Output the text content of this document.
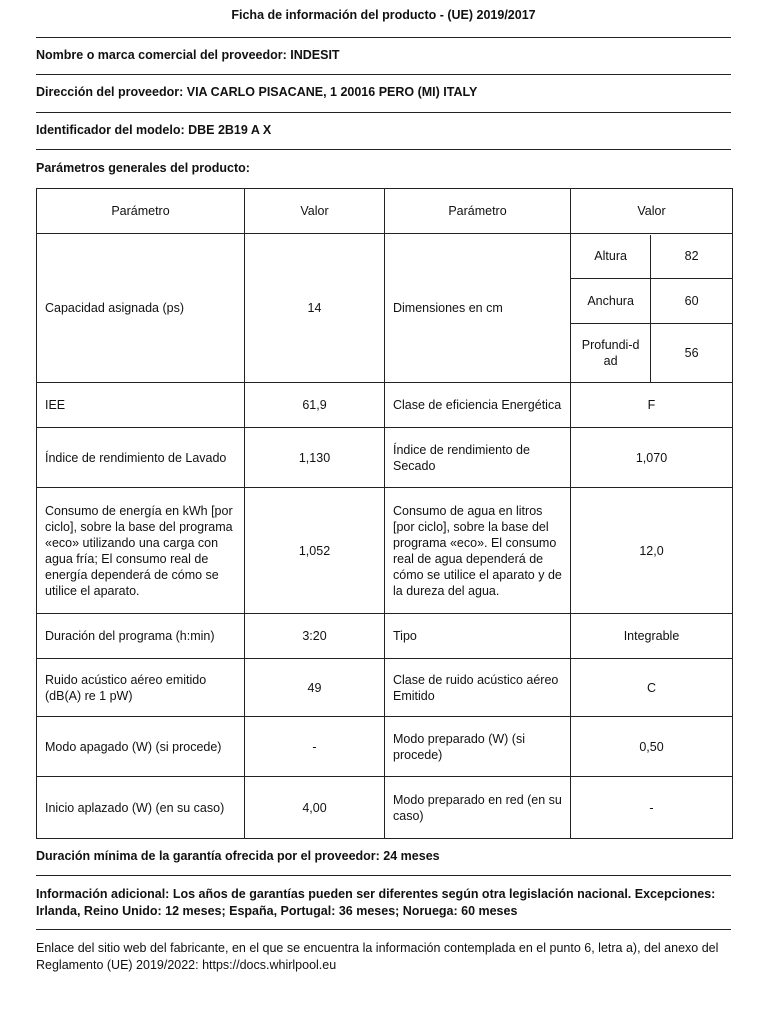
Ficha de información del producto - (UE) 2019/2017
Nombre o marca comercial del proveedor: INDESIT
Dirección del proveedor: VIA CARLO PISACANE, 1 20016 PERO (MI) ITALY
Identificador del modelo: DBE 2B19 A X
Parámetros generales del producto:
Parámetro	Valor	Parámetro	Valor
Capacidad asignada (ps)	14	Dimensiones en cm	
Altura	82
Anchura	60
Profundi-dad	56

IEE	61,9	Clase de eficiencia Energética	F
Índice de rendimiento de Lavado	1,130	Índice de rendimiento de Secado	1,070
Consumo de energía en kWh [por ciclo], sobre la base del programa «eco» utilizando una carga con agua fría; El consumo real de energía dependerá de cómo se utilice el aparato.	1,052	Consumo de agua en litros [por ciclo], sobre la base del programa «eco». El consumo real de agua dependerá de cómo se utilice el aparato y de la dureza del agua.	12,0
Duración del programa (h:min)	3:20	Tipo	Integrable
Ruido acústico aéreo emitido (dB(A) re 1 pW)	49	Clase de ruido acústico aéreo Emitido	C
Modo apagado (W) (si procede)	-	Modo preparado (W) (si procede)	0,50
Inicio aplazado (W) (en su caso)	4,00	Modo preparado en red (en su caso)	-
Duración mínima de la garantía ofrecida por el proveedor: 24 meses
Información adicional: Los años de garantías pueden ser diferentes según otra legislación nacional. Excepciones: Irlanda, Reino Unido: 12 meses; España, Portugal: 36 meses; Noruega: 60 meses
Enlace del sitio web del fabricante, en el que se encuentra la información contemplada en el punto 6, letra a), del anexo del Reglamento (UE) 2019/2022: https://docs.whirlpool.eu
